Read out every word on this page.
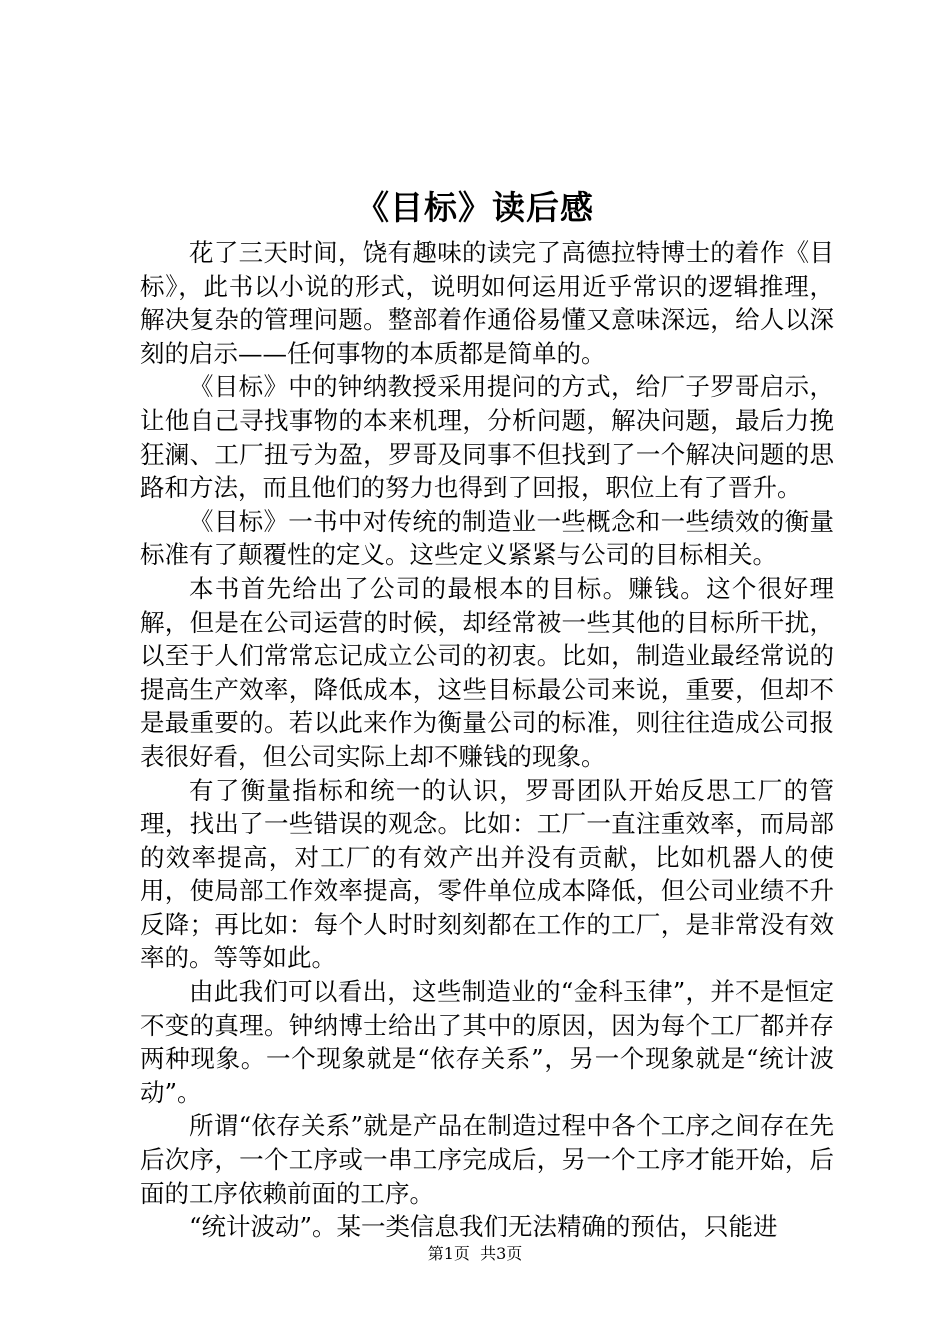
《目标》读后感

花了三天时间，饶有趣味的读完了高德拉特博士的着作《目标》，此书以小说的形式，说明如何运用近乎常识的逻辑推理，解决复杂的管理问题。整部着作通俗易懂又意味深远，给人以深刻的启示——任何事物的本质都是简单的。

《目标》中的钟纳教授采用提问的方式，给厂子罗哥启示，让他自己寻找事物的本来机理，分析问题，解决问题，最后力挽狂澜、工厂扭亏为盈，罗哥及同事不但找到了一个解决问题的思路和方法，而且他们的努力也得到了回报，职位上有了晋升。

《目标》一书中对传统的制造业一些概念和一些绩效的衡量标准有了颠覆性的定义。这些定义紧紧与公司的目标相关。

本书首先给出了公司的最根本的目标。赚钱。这个很好理解，但是在公司运营的时候，却经常被一些其他的目标所干扰，以至于人们常常忘记成立公司的初衷。比如，制造业最经常说的提高生产效率，降低成本，这些目标最公司来说，重要，但却不是最重要的。若以此来作为衡量公司的标准，则往往造成公司报表很好看，但公司实际上却不赚钱的现象。

有了衡量指标和统一的认识，罗哥团队开始反思工厂的管理，找出了一些错误的观念。比如：工厂一直注重效率，而局部的效率提高，对工厂的有效产出并没有贡献，比如机器人的使用，使局部工作效率提高，零件单位成本降低，但公司业绩不升反降；再比如：每个人时时刻刻都在工作的工厂，是非常没有效率的。等等如此。

由此我们可以看出，这些制造业的“金科玉律”，并不是恒定不变的真理。钟纳博士给出了其中的原因，因为每个工厂都并存两种现象。一个现象就是“依存关系”，另一个现象就是“统计波动”。

所谓“依存关系”就是产品在制造过程中各个工序之间存在先后次序，一个工序或一串工序完成后，另一个工序才能开始，后面的工序依赖前面的工序。

“统计波动”。某一类信息我们无法精确的预估，只能进

第1页 共3页
